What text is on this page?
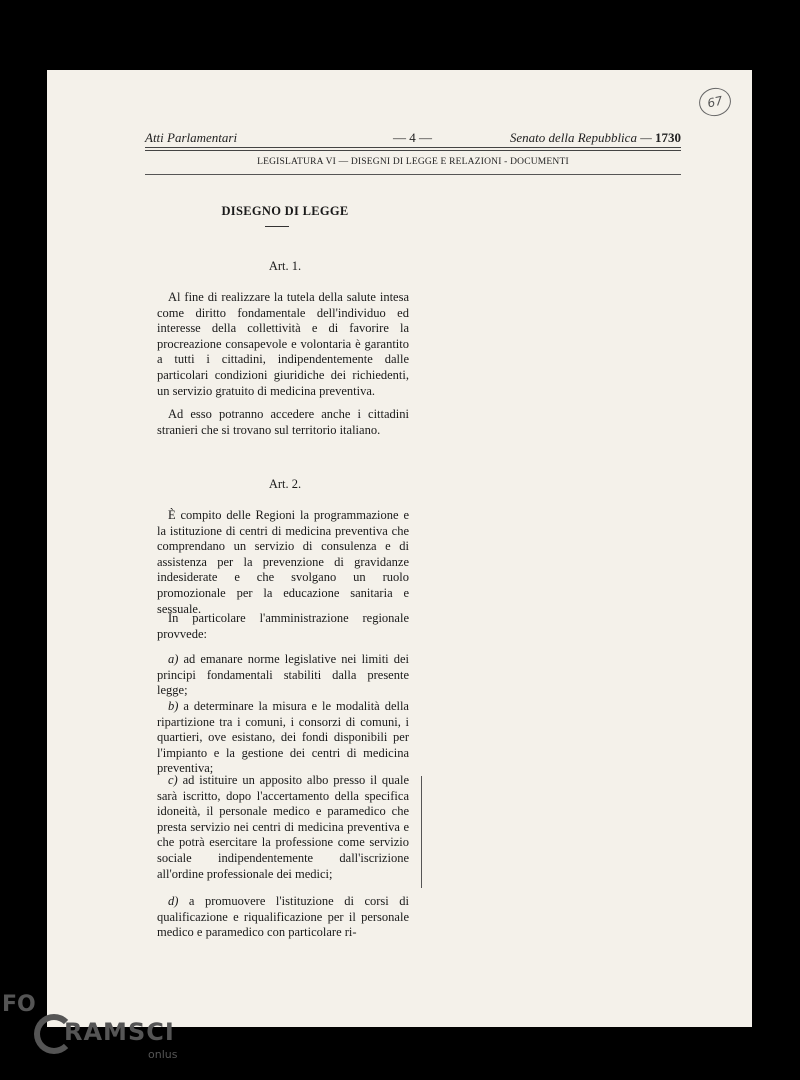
67
Atti Parlamentari	— 4 —	Senato della Repubblica — 1730
LEGISLATURA VI — DISEGNI DI LEGGE E RELAZIONI - DOCUMENTI
DISEGNO DI LEGGE
Art. 1.

Al fine di realizzare la tutela della salute intesa come diritto fondamentale dell'individuo ed interesse della collettività e di favorire la procreazione consapevole e volontaria è garantito a tutti i cittadini, indipendentemente dalle particolari condizioni giuridiche dei richiedenti, un servizio gratuito di medicina preventiva.

Ad esso potranno accedere anche i cittadini stranieri che si trovano sul territorio italiano.

Art. 2.

È compito delle Regioni la programmazione e la istituzione di centri di medicina preventiva che comprendano un servizio di consulenza e di assistenza per la prevenzione di gravidanze indesiderate e che svolgano un ruolo promozionale per la educazione sanitaria e sessuale.

In particolare l'amministrazione regionale provvede:

a) ad emanare norme legislative nei limiti dei principi fondamentali stabiliti dalla presente legge;

b) a determinare la misura e le modalità della ripartizione tra i comuni, i consorzi di comuni, i quartieri, ove esistano, dei fondi disponibili per l'impianto e la gestione dei centri di medicina preventiva;

c) ad istituire un apposito albo presso il quale sarà iscritto, dopo l'accertamento della specifica idoneità, il personale medico e paramedico che presta servizio nei centri di medicina preventiva e che potrà esercitare la professione come servizio sociale indipendentemente dall'iscrizione all'ordine professionale dei medici;

d) a promuovere l'istituzione di corsi di qualificazione e riqualificazione per il personale medico e paramedico con particolare ri-

FO
RAMSCI
onlus
